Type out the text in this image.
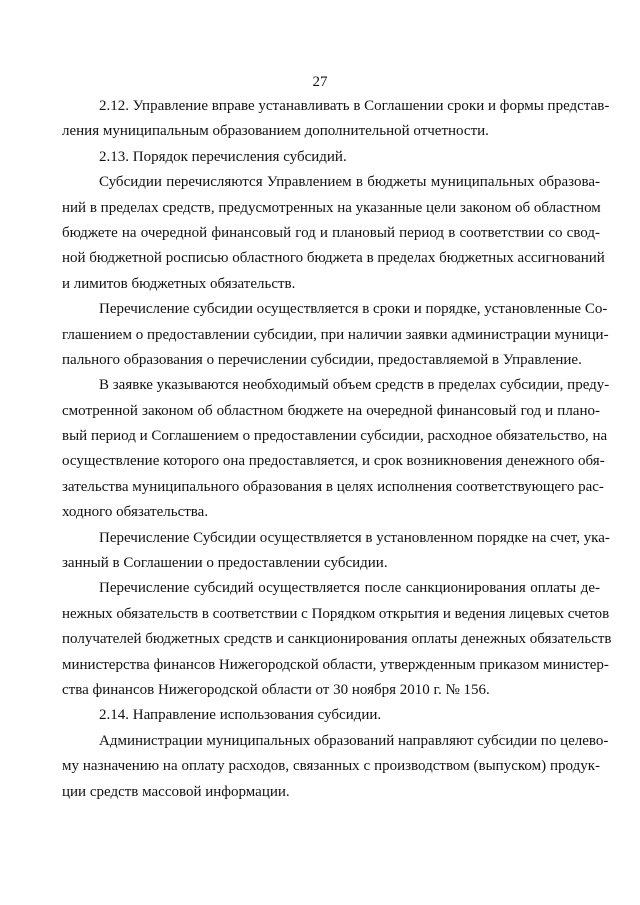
27
2.12. Управление вправе устанавливать в Соглашении сроки и формы представ-
ления муниципальным образованием дополнительной отчетности.
2.13. Порядок перечисления субсидий.
Субсидии перечисляются Управлением в бюджеты муниципальных образова-
ний в пределах средств, предусмотренных на указанные цели законом об областном
бюджете на очередной финансовый год и плановый период в соответствии со свод-
ной бюджетной росписью областного бюджета в пределах бюджетных ассигнований
и лимитов бюджетных обязательств.
Перечисление субсидии осуществляется в сроки и порядке, установленные Со-
глашением о предоставлении субсидии, при наличии заявки администрации муници-
пального образования о перечислении субсидии, предоставляемой в Управление.
В заявке указываются необходимый объем средств в пределах субсидии, преду-
смотренной законом об областном бюджете на очередной финансовый год и плано-
вый период и Соглашением о предоставлении субсидии, расходное обязательство, на
осуществление которого она предоставляется, и срок возникновения денежного обя-
зательства муниципального образования в целях исполнения соответствующего рас-
ходного обязательства.
Перечисление Субсидии осуществляется в установленном порядке на счет, ука-
занный в Соглашении о предоставлении субсидии.
Перечисление субсидий осуществляется после санкционирования оплаты де-
нежных обязательств в соответствии с Порядком открытия и ведения лицевых счетов
получателей бюджетных средств и санкционирования оплаты денежных обязательств
министерства финансов Нижегородской области, утвержденным приказом министер-
ства финансов Нижегородской области от 30 ноября 2010 г. № 156.
2.14. Направление использования субсидии.
Администрации муниципальных образований направляют субсидии по целево-
му назначению на оплату расходов, связанных с производством (выпуском) продук-
ции средств массовой информации.
